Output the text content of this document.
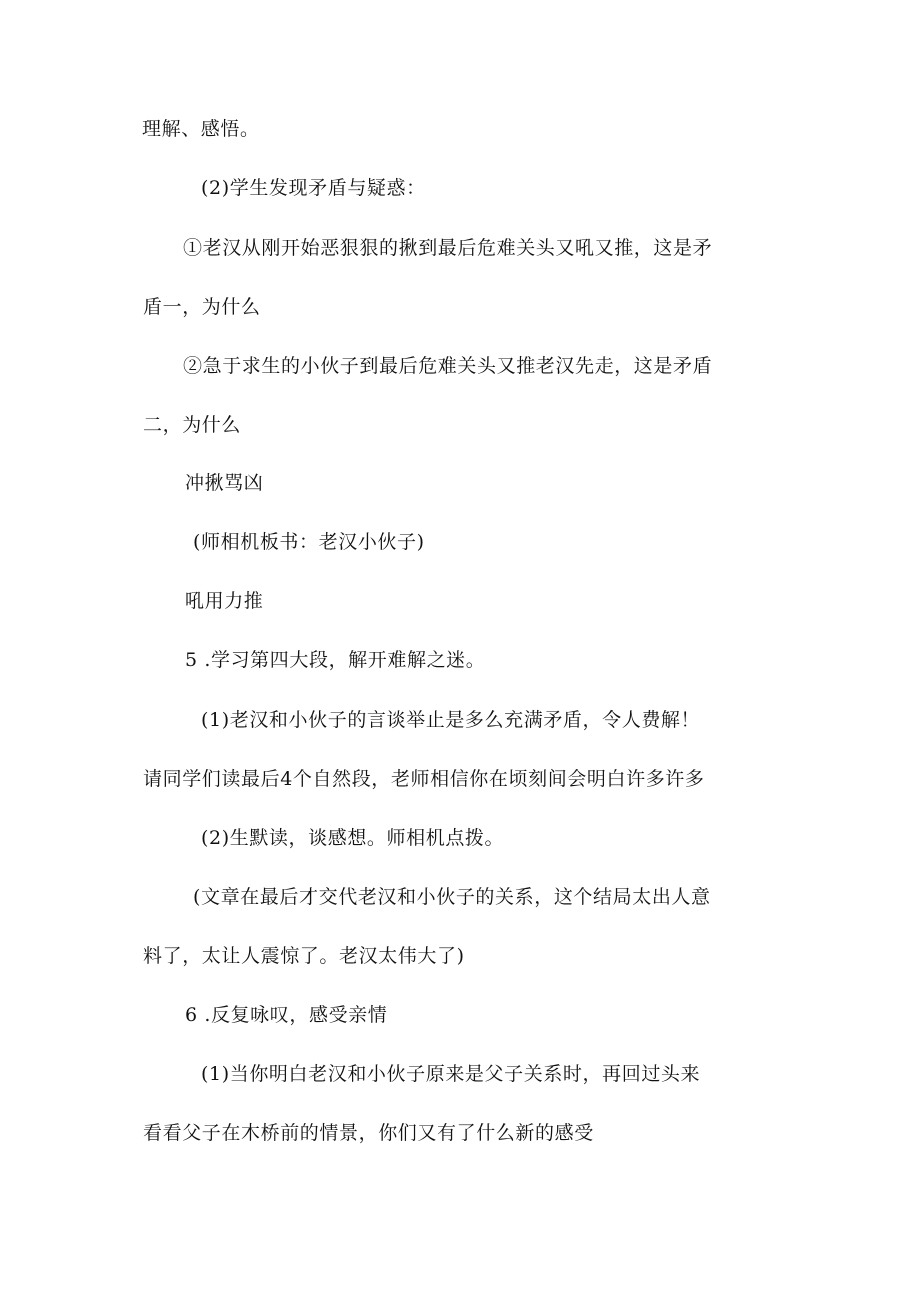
理解、感悟。
(2)学生发现矛盾与疑惑：
①老汉从刚开始恶狠狠的揪到最后危难关头又吼又推，这是矛
盾一，为什么
②急于求生的小伙子到最后危难关头又推老汉先走，这是矛盾
二，为什么
冲揪骂凶
(师相机板书：老汉小伙子)
吼用力推
5 .学习第四大段，解开难解之迷。
(1)老汉和小伙子的言谈举止是多么充满矛盾，令人费解！
请同学们读最后4个自然段，老师相信你在顷刻间会明白许多许多
(2)生默读，谈感想。师相机点拨。
(文章在最后才交代老汉和小伙子的关系，这个结局太出人意
料了，太让人震惊了。老汉太伟大了)
6 .反复咏叹，感受亲情
(1)当你明白老汉和小伙子原来是父子关系时，再回过头来
看看父子在木桥前的情景，你们又有了什么新的感受
